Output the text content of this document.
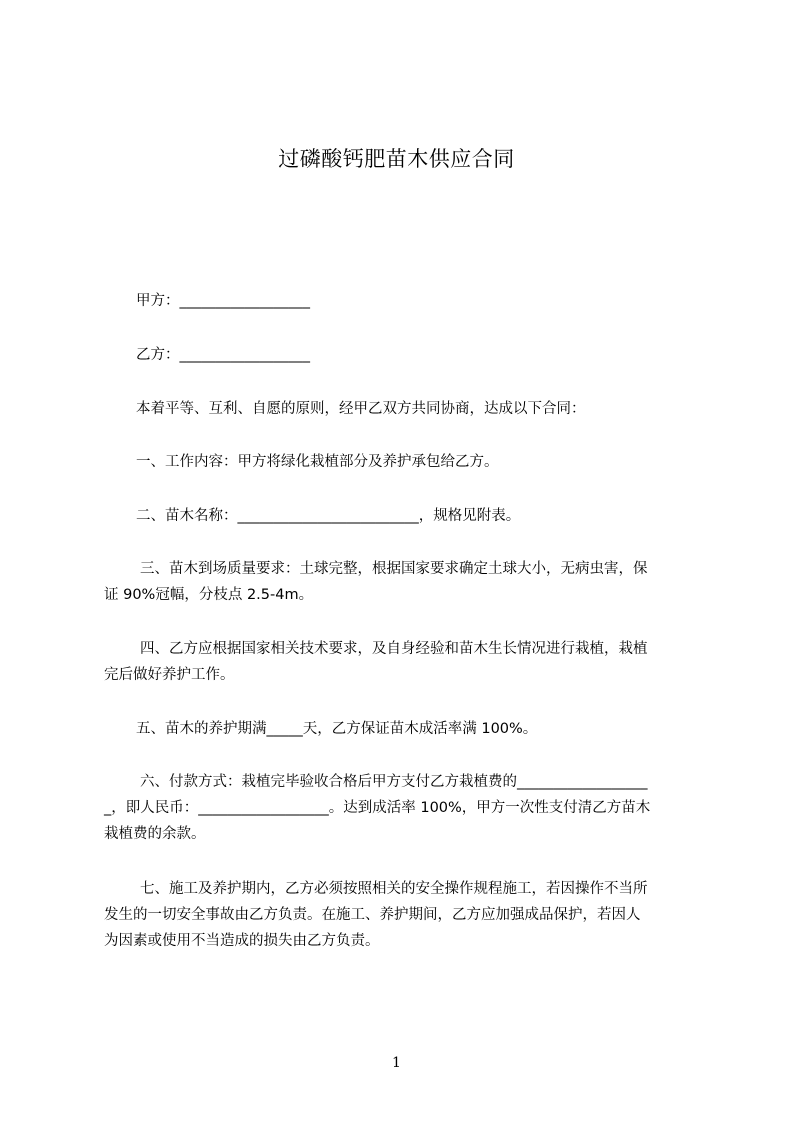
过磷酸钙肥苗木供应合同
甲方：__________________
乙方：__________________
本着平等、互利、自愿的原则，经甲乙双方共同协商，达成以下合同：
一、工作内容：甲方将绿化栽植部分及养护承包给乙方。
二、苗木名称：_________________________，规格见附表。
三、苗木到场质量要求：土球完整，根据国家要求确定土球大小，无病虫害，保
证 90%冠幅，分枝点 2.5-4m。
四、乙方应根据国家相关技术要求，及自身经验和苗木生长情况进行栽植，栽植
完后做好养护工作。
五、苗木的养护期满_____天，乙方保证苗木成活率满 100%。
六、付款方式：栽植完毕验收合格后甲方支付乙方栽植费的__________________
_，即人民币：__________________。达到成活率 100%，甲方一次性支付清乙方苗木
栽植费的余款。
七、施工及养护期内，乙方必须按照相关的安全操作规程施工，若因操作不当所
发生的一切安全事故由乙方负责。在施工、养护期间，乙方应加强成品保护，若因人
为因素或使用不当造成的损失由乙方负责。
1
